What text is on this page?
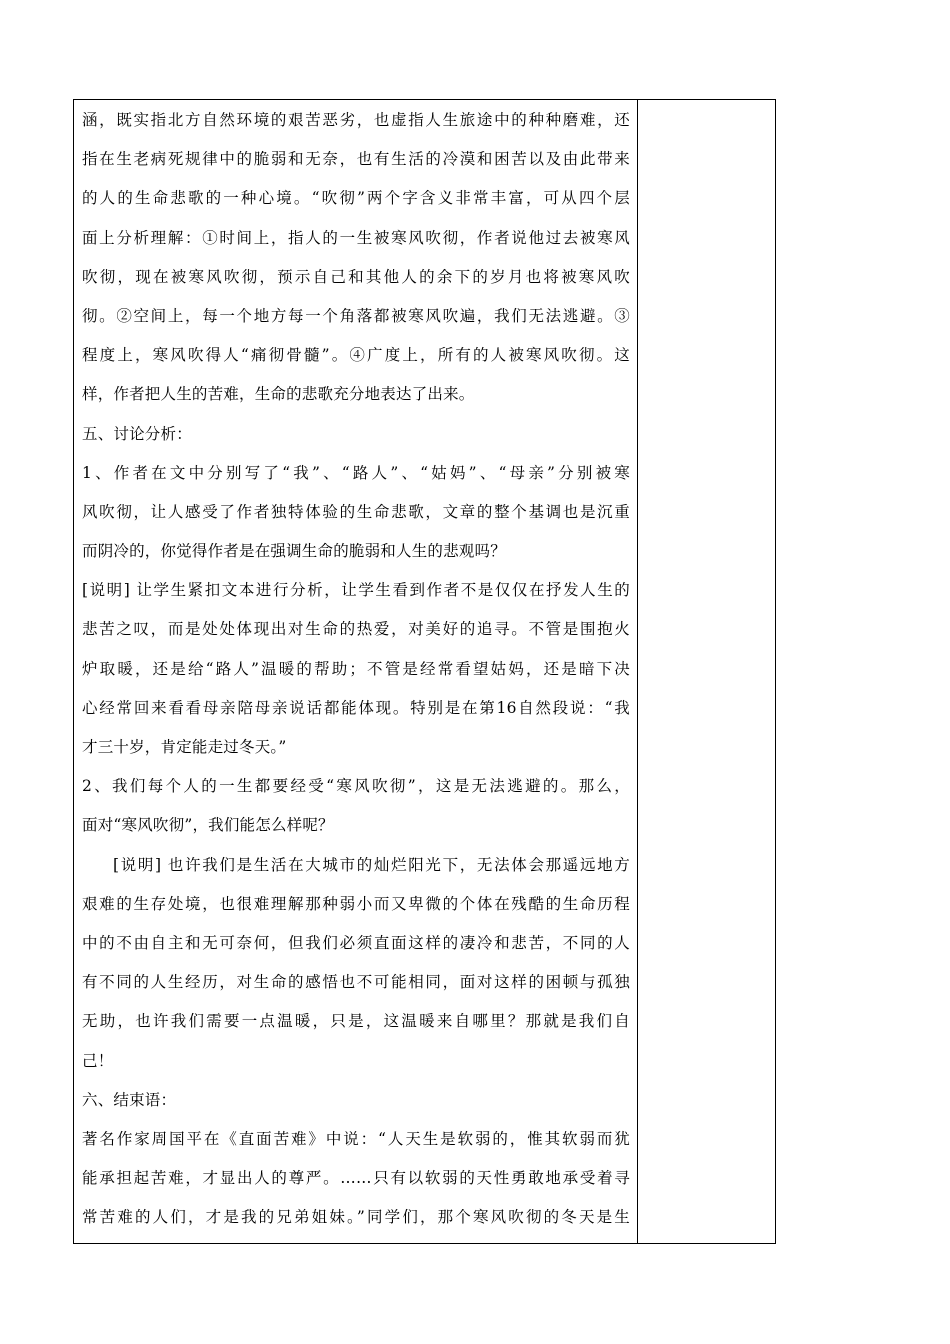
涵，既实指北方自然环境的艰苦恶劣，也虚指人生旅途中的种种磨难，还
指在生老病死规律中的脆弱和无奈，也有生活的冷漠和困苦以及由此带来
的人的生命悲歌的一种心境。“吹彻”两个字含义非常丰富，可从四个层
面上分析理解：①时间上，指人的一生被寒风吹彻，作者说他过去被寒风
吹彻，现在被寒风吹彻，预示自己和其他人的余下的岁月也将被寒风吹
彻。②空间上，每一个地方每一个角落都被寒风吹遍，我们无法逃避。③
程度上，寒风吹得人“痛彻骨髓”。④广度上，所有的人被寒风吹彻。这
样，作者把人生的苦难，生命的悲歌充分地表达了出来。
五、讨论分析：
1、作者在文中分别写了“我”、“路人”、“姑妈”、“母亲”分别被寒
风吹彻，让人感受了作者独特体验的生命悲歌，文章的整个基调也是沉重
而阴冷的，你觉得作者是在强调生命的脆弱和人生的悲观吗？
[说明] 让学生紧扣文本进行分析，让学生看到作者不是仅仅在抒发人生的
悲苦之叹，而是处处体现出对生命的热爱，对美好的追寻。不管是围抱火
炉取暖，还是给“路人”温暖的帮助；不管是经常看望姑妈，还是暗下决
心经常回来看看母亲陪母亲说话都能体现。特别是在第16自然段说：“我
才三十岁，肯定能走过冬天。”
2、我们每个人的一生都要经受“寒风吹彻”，这是无法逃避的。那么，
面对“寒风吹彻”，我们能怎么样呢？
[说明] 也许我们是生活在大城市的灿烂阳光下，无法体会那遥远地方
艰难的生存处境，也很难理解那种弱小而又卑微的个体在残酷的生命历程
中的不由自主和无可奈何，但我们必须直面这样的凄冷和悲苦，不同的人
有不同的人生经历，对生命的感悟也不可能相同，面对这样的困顿与孤独
无助，也许我们需要一点温暖，只是，这温暖来自哪里？那就是我们自
己！
六、结束语：
著名作家周国平在《直面苦难》中说：“人天生是软弱的，惟其软弱而犹
能承担起苦难，才显出人的尊严。……只有以软弱的天性勇敢地承受着寻
常苦难的人们，才是我的兄弟姐妹。”同学们，那个寒风吹彻的冬天是生
